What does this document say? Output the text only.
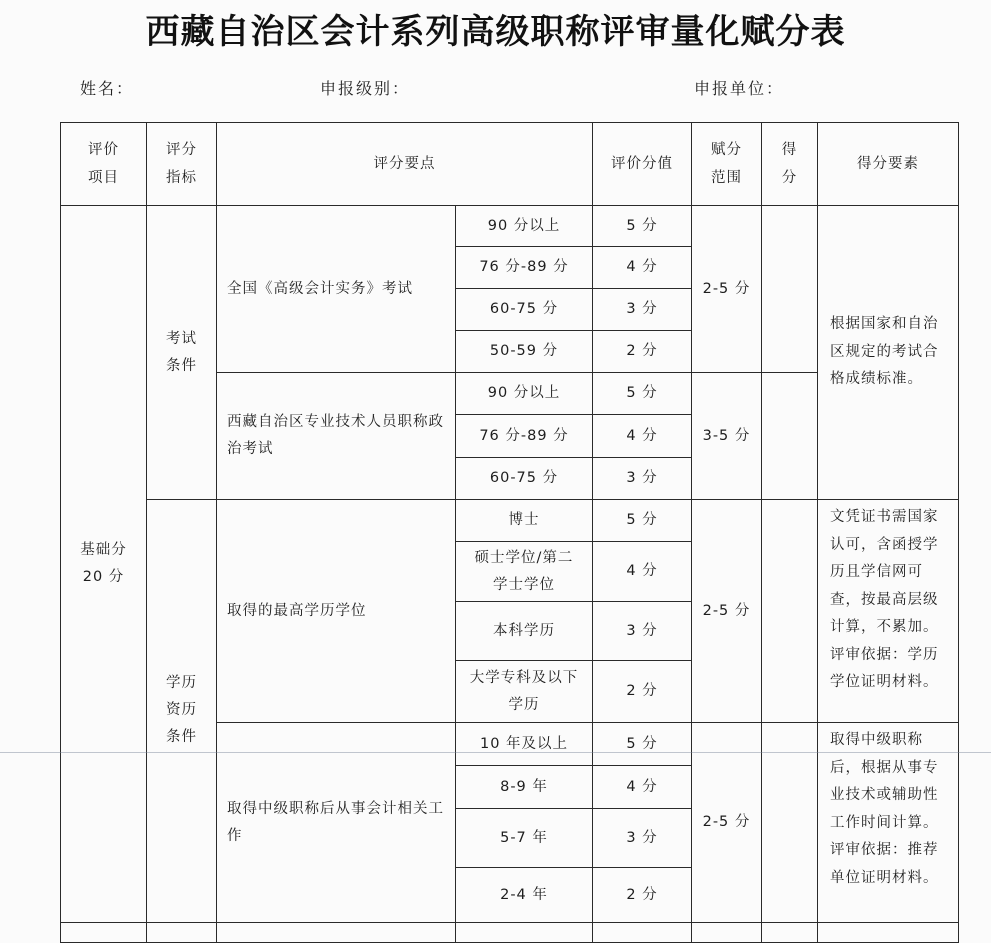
西藏自治区会计系列高级职称评审量化赋分表
姓名：	申报级别：	申报单位：
评价项目	评分指标	评分要点		评价分值	赋分范围	得分	得分要素

基础分
20 分	考试条件	全国《高级会计实务》考试	90 分以上	5 分	2-5 分		根据国家和自治区规定的考试合格成绩标准。
			76 分-89 分	4 分			
			60-75 分	3 分			
			50-59 分	2 分			
		西藏自治区专业技术人员职称政治考试	90 分以上	5 分	3-5 分		
			76 分-89 分	4 分			
			60-75 分	3 分			
	学历资历条件	取得的最高学历学位	博士	5 分	2-5 分		文凭证书需国家认可，含函授学历且学信网可查，按最高层级计算，不累加。评审依据：学历学位证明材料。
			硕士学位/第二学士学位	4 分			
			本科学历	3 分			
			大学专科及以下学历	2 分			
		取得中级职称后从事会计相关工作	10 年及以上	5 分	2-5 分		取得中级职称后，根据从事专业技术或辅助性工作时间计算。评审依据：推荐单位证明材料。
			8-9 年	4 分			
			5-7 年	3 分			
			2-4 年	2 分			
